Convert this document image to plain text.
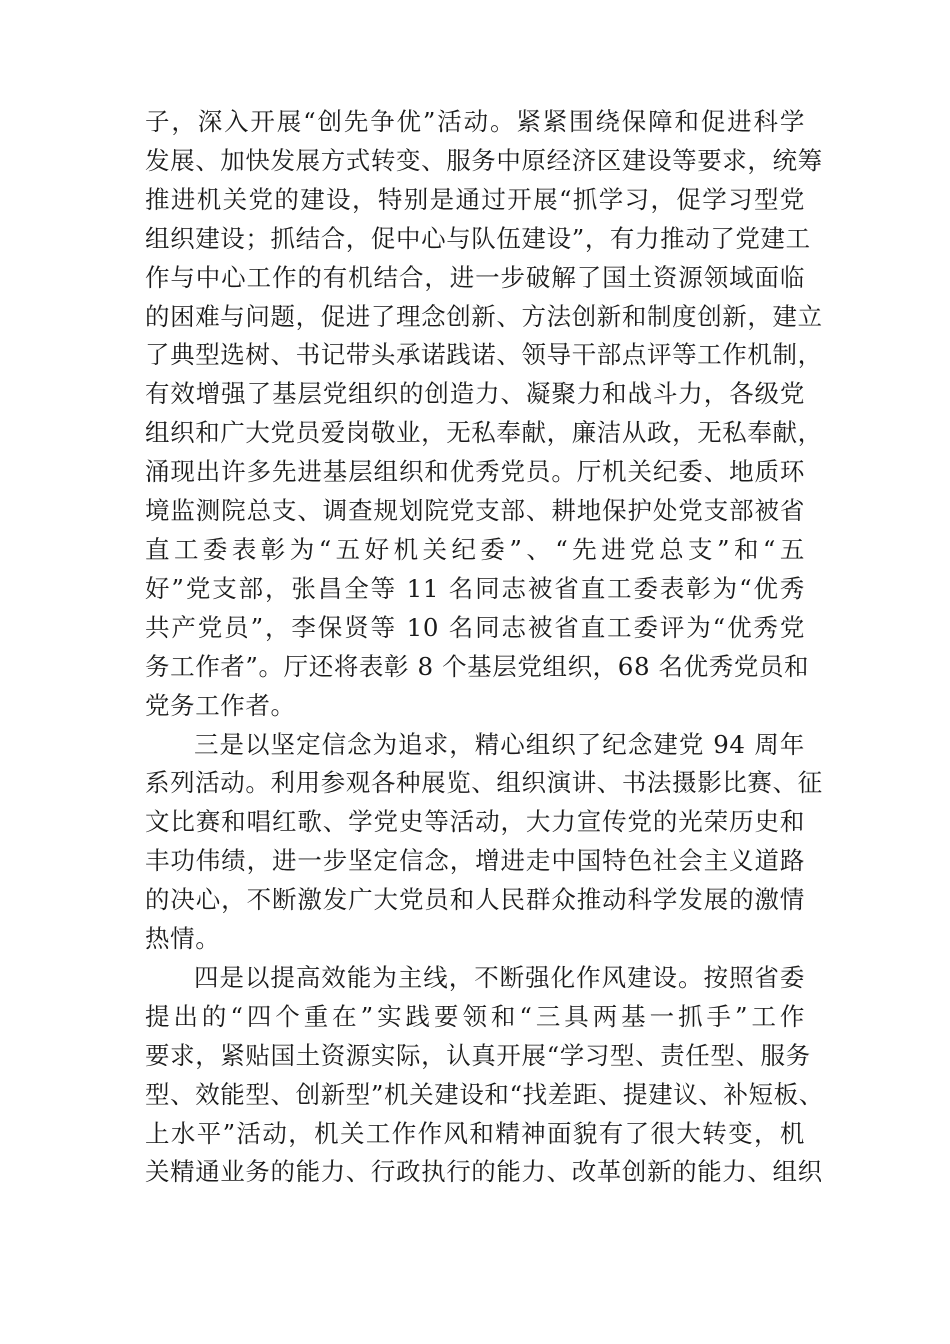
子，深入开展“创先争优”活动。紧紧围绕保障和促进科学
发展、加快发展方式转变、服务中原经济区建设等要求，统筹
推进机关党的建设，特别是通过开展“抓学习，促学习型党
组织建设；抓结合，促中心与队伍建设”，有力推动了党建工
作与中心工作的有机结合，进一步破解了国土资源领域面临
的困难与问题，促进了理念创新、方法创新和制度创新，建立
了典型选树、书记带头承诺践诺、领导干部点评等工作机制，
有效增强了基层党组织的创造力、凝聚力和战斗力，各级党
组织和广大党员爱岗敬业，无私奉献，廉洁从政，无私奉献，
涌现出许多先进基层组织和优秀党员。厅机关纪委、地质环
境监测院总支、调查规划院党支部、耕地保护处党支部被省
直工委表彰为“五好机关纪委”、“先进党总支”和“五
好”党支部，张昌全等 11 名同志被省直工委表彰为“优秀
共产党员”，李保贤等 10 名同志被省直工委评为“优秀党
务工作者”。厅还将表彰 8 个基层党组织，68 名优秀党员和
党务工作者。
三是以坚定信念为追求，精心组织了纪念建党 94 周年
系列活动。利用参观各种展览、组织演讲、书法摄影比赛、征
文比赛和唱红歌、学党史等活动，大力宣传党的光荣历史和
丰功伟绩，进一步坚定信念，增进走中国特色社会主义道路
的决心，不断激发广大党员和人民群众推动科学发展的激情
热情。
四是以提高效能为主线，不断强化作风建设。按照省委
提出的“四个重在”实践要领和“三具两基一抓手”工作
要求，紧贴国土资源实际，认真开展“学习型、责任型、服务
型、效能型、创新型”机关建设和“找差距、提建议、补短板、
上水平”活动，机关工作作风和精神面貌有了很大转变，机
关精通业务的能力、行政执行的能力、改革创新的能力、组织
